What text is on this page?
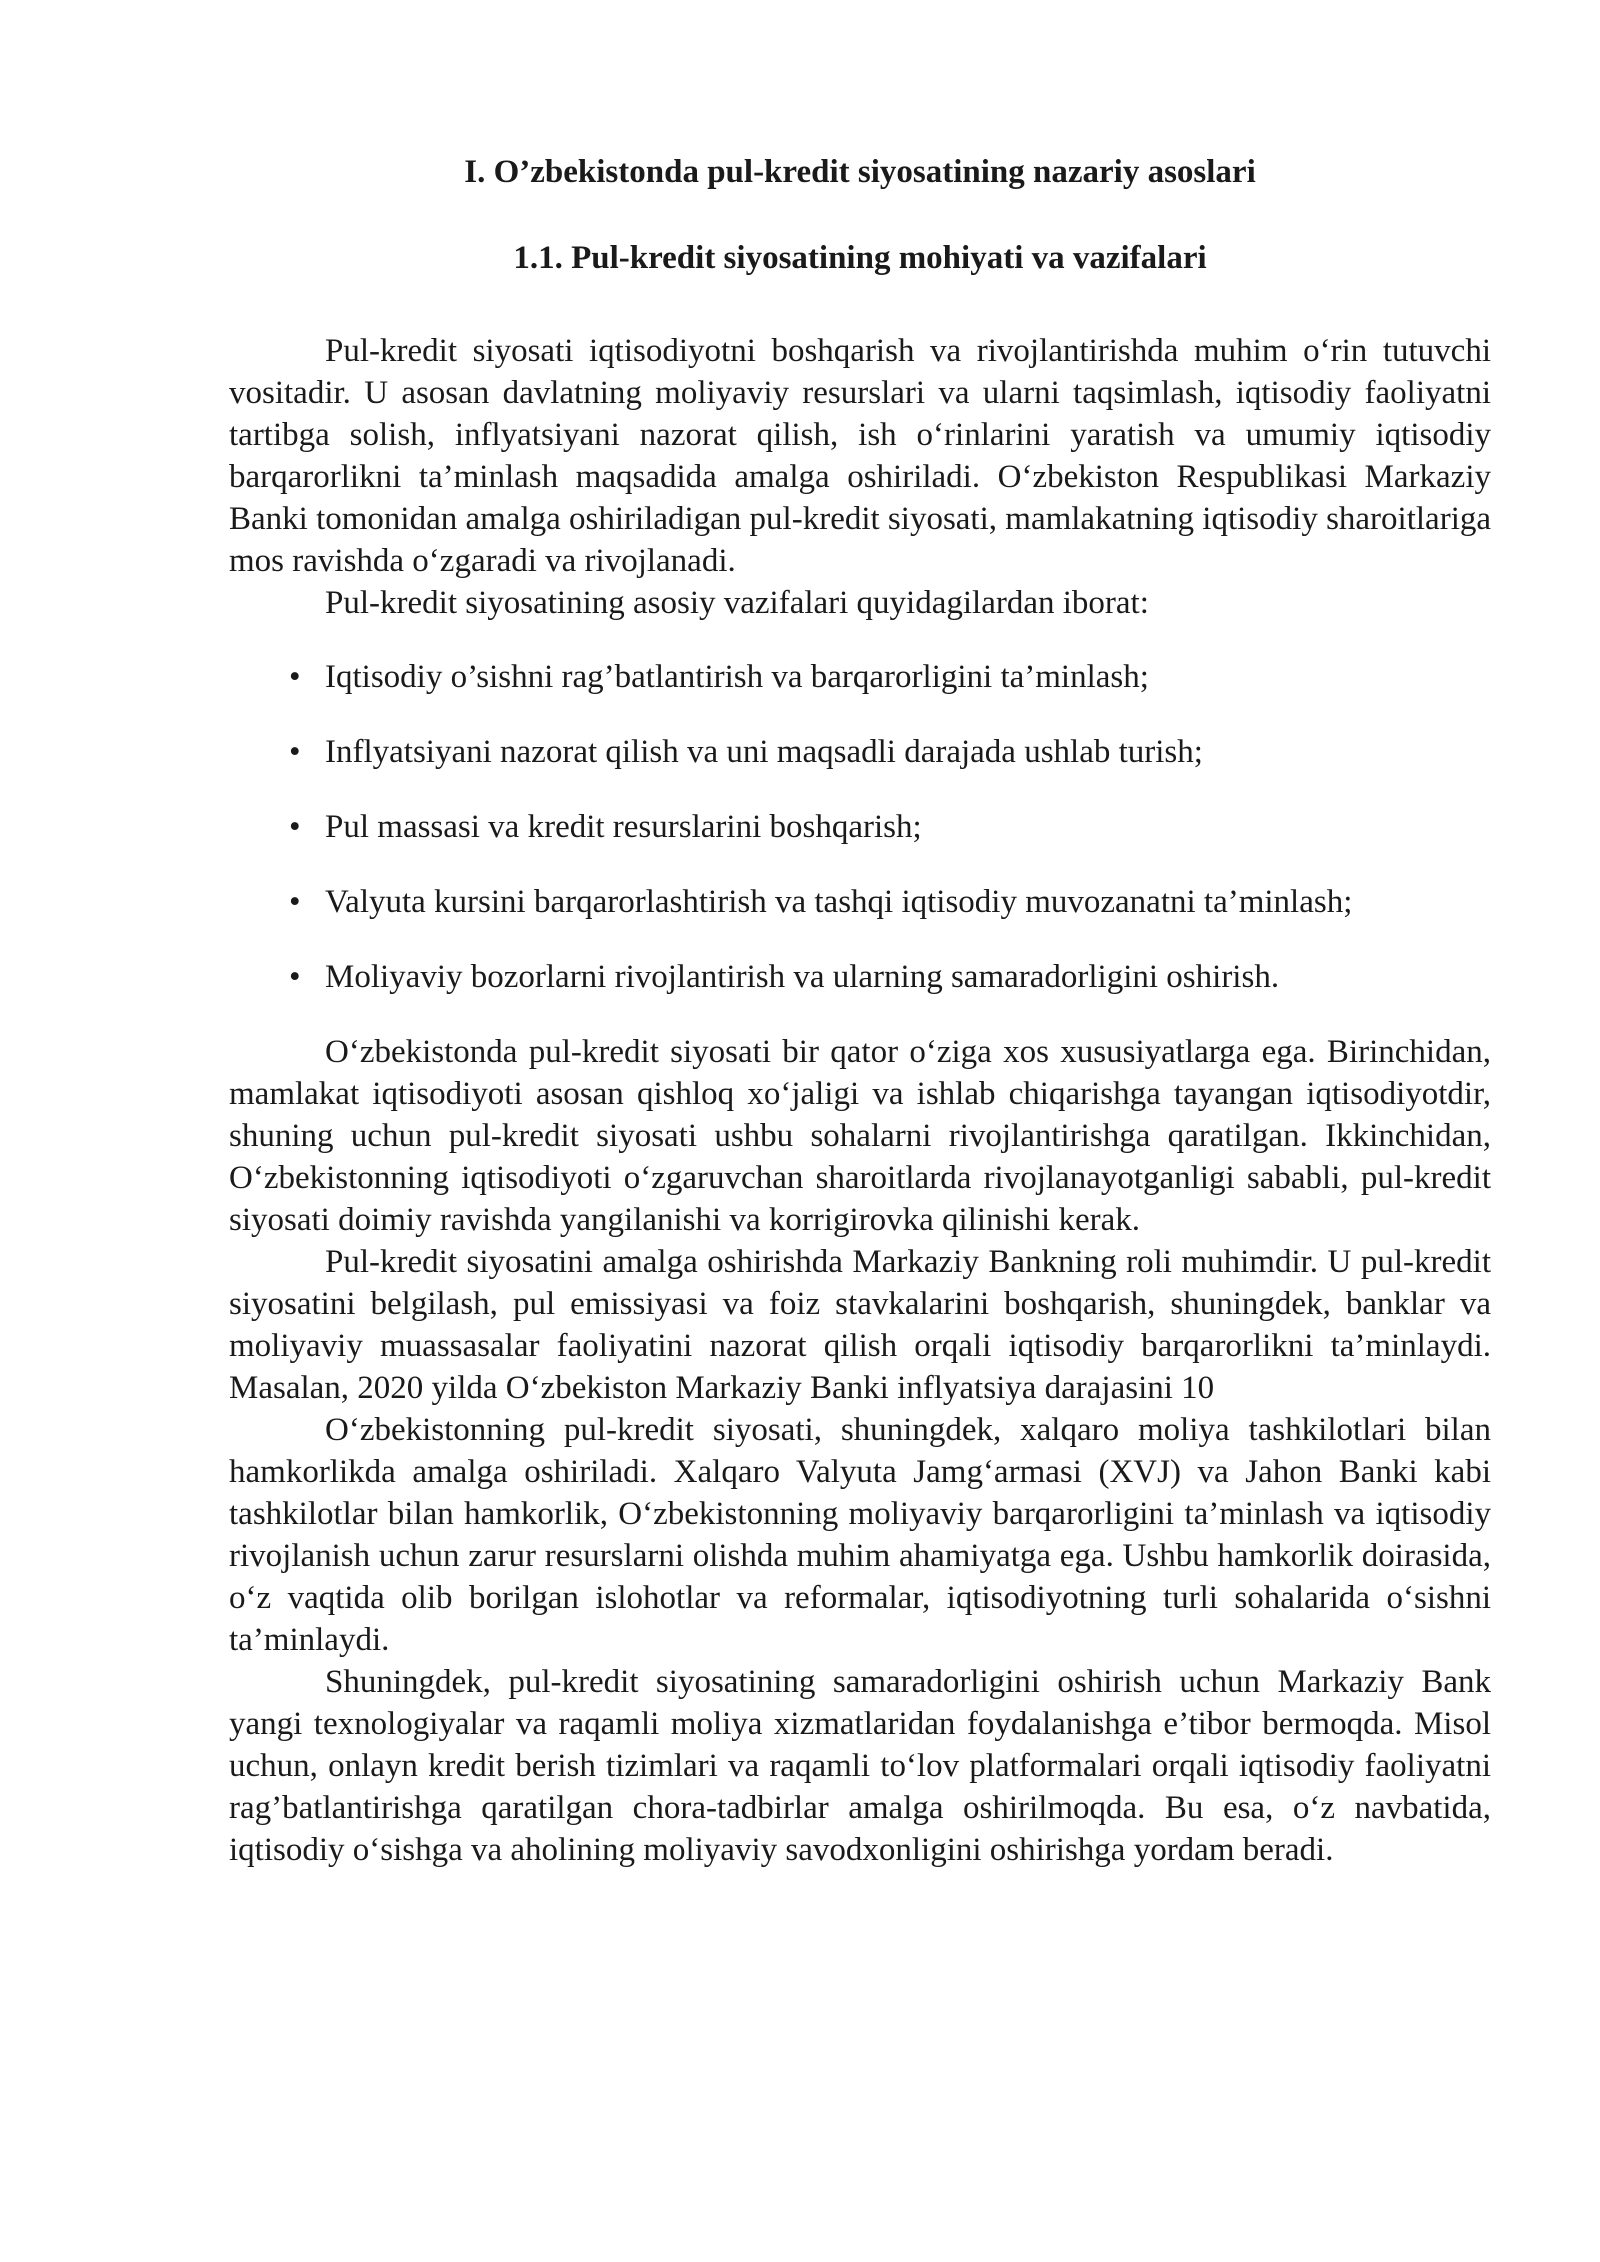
I. O’zbekistonda pul-kredit siyosatining nazariy asoslari
1.1. Pul-kredit siyosatining mohiyati va vazifalari

Pul-kredit siyosati iqtisodiyotni boshqarish va rivojlantirishda muhim o‘rin tutuvchi vositadir. U asosan davlatning moliyaviy resurslari va ularni taqsimlash, iqtisodiy faoliyatni tartibga solish, inflyatsiyani nazorat qilish, ish o‘rinlarini yaratish va umumiy iqtisodiy barqarorlikni ta’minlash maqsadida amalga oshiriladi. O‘zbekiston Respublikasi Markaziy Banki tomonidan amalga oshiriladigan pul-kredit siyosati, mamlakatning iqtisodiy sharoitlariga mos ravishda o‘zgaradi va rivojlanadi.

Pul-kredit siyosatining asosiy vazifalari quyidagilardan iborat:

• Iqtisodiy o’sishni rag’batlantirish va barqarorligini ta’minlash;
• Inflyatsiyani nazorat qilish va uni maqsadli darajada ushlab turish;
• Pul massasi va kredit resurslarini boshqarish;
• Valyuta kursini barqarorlashtirish va tashqi iqtisodiy muvozanatni ta’minlash;
• Moliyaviy bozorlarni rivojlantirish va ularning samaradorligini oshirish.

O‘zbekistonda pul-kredit siyosati bir qator o‘ziga xos xususiyatlarga ega. Birinchidan, mamlakat iqtisodiyoti asosan qishloq xo‘jaligi va ishlab chiqarishga tayangan iqtisodiyotdir, shuning uchun pul-kredit siyosati ushbu sohalarni rivojlantirishga qaratilgan. Ikkinchidan, O‘zbekistonning iqtisodiyoti o‘zgaruvchan sharoitlarda rivojlanayotganligi sababli, pul-kredit siyosati doimiy ravishda yangilanishi va korrigirovka qilinishi kerak.

Pul-kredit siyosatini amalga oshirishda Markaziy Bankning roli muhimdir. U pul-kredit siyosatini belgilash, pul emissiyasi va foiz stavkalarini boshqarish, shuningdek, banklar va moliyaviy muassasalar faoliyatini nazorat qilish orqali iqtisodiy barqarorlikni ta’minlaydi. Masalan, 2020 yilda O‘zbekiston Markaziy Banki inflyatsiya darajasini 10

O‘zbekistonning pul-kredit siyosati, shuningdek, xalqaro moliya tashkilotlari bilan hamkorlikda amalga oshiriladi. Xalqaro Valyuta Jamg‘armasi (XVJ) va Jahon Banki kabi tashkilotlar bilan hamkorlik, O‘zbekistonning moliyaviy barqarorligini ta’minlash va iqtisodiy rivojlanish uchun zarur resurslarni olishda muhim ahamiyatga ega. Ushbu hamkorlik doirasida, o‘z vaqtida olib borilgan islohotlar va reformalar, iqtisodiyotning turli sohalarida o‘sishni ta’minlaydi.

Shuningdek, pul-kredit siyosatining samaradorligini oshirish uchun Markaziy Bank yangi texnologiyalar va raqamli moliya xizmatlaridan foydalanishga e’tibor bermoqda. Misol uchun, onlayn kredit berish tizimlari va raqamli to‘lov platformalari orqali iqtisodiy faoliyatni rag’batlantirishga qaratilgan chora-tadbirlar amalga oshirilmoqda. Bu esa, o‘z navbatida, iqtisodiy o‘sishga va aholining moliyaviy savodxonligini oshirishga yordam beradi.
